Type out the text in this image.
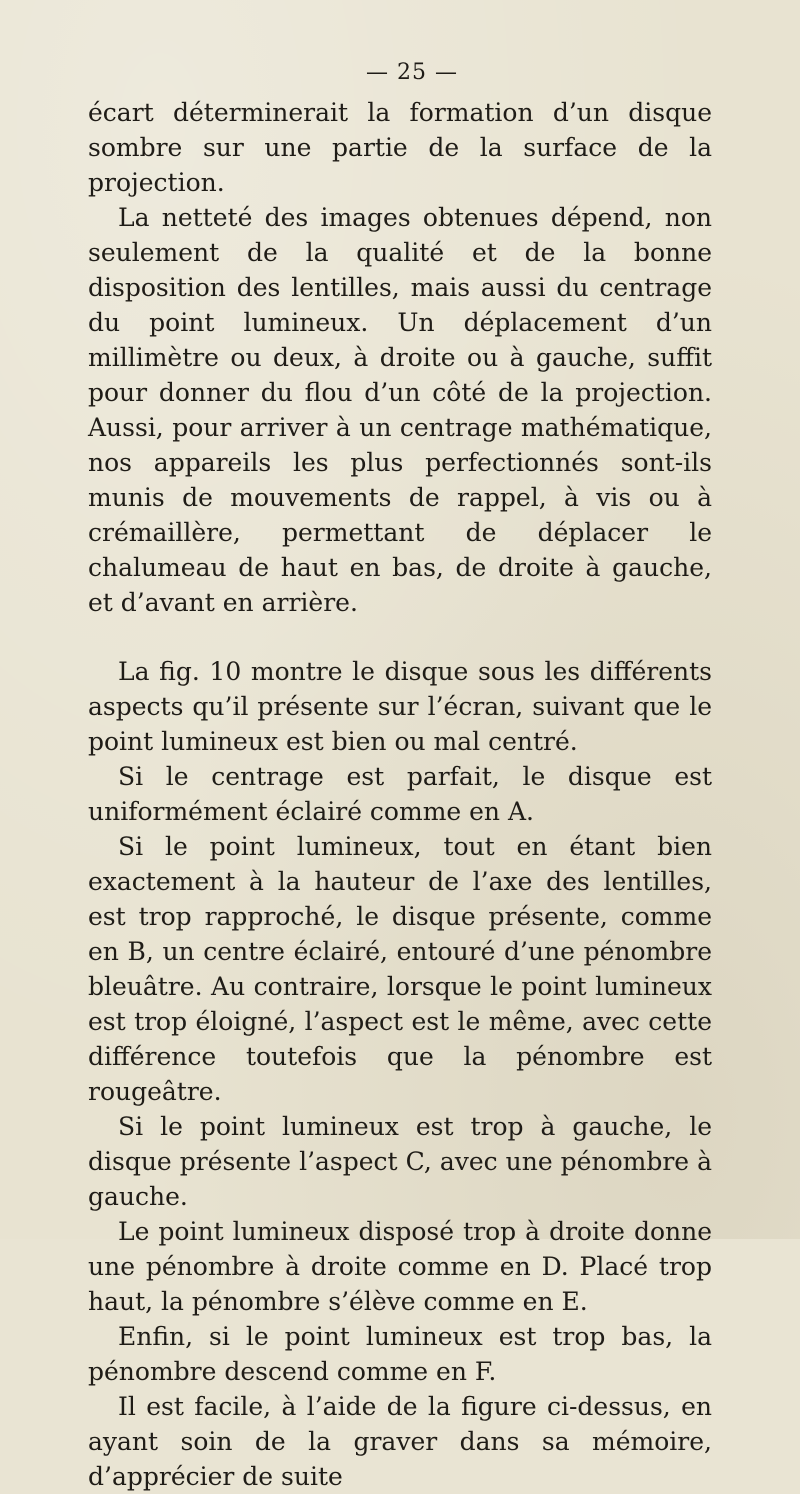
— 25 —

écart déterminerait la formation d’un disque sombre sur une partie de la surface de la projection.

La netteté des images obtenues dépend, non seulement de la qualité et de la bonne disposition des lentilles, mais aussi du centrage du point lumineux. Un déplacement d’un millimètre ou deux, à droite ou à gauche, suffit pour donner du flou d’un côté de la projection. Aussi, pour arriver à un centrage mathématique, nos appareils les plus perfectionnés sont-ils munis de mouvements de rappel, à vis ou à crémaillère, permettant de déplacer le chalumeau de haut en bas, de droite à gauche, et d’avant en arrière.

La fig. 10 montre le disque sous les différents aspects qu’il présente sur l’écran, suivant que le point lumineux est bien ou mal centré.

Si le centrage est parfait, le disque est uniformément éclairé comme en A.

Si le point lumineux, tout en étant bien exactement à la hauteur de l’axe des lentilles, est trop rapproché, le disque présente, comme en B, un centre éclairé, entouré d’une pénombre bleuâtre. Au contraire, lorsque le point lumineux est trop éloigné, l’aspect est le même, avec cette différence toutefois que la pénombre est rougeâtre.

Si le point lumineux est trop à gauche, le disque présente l’aspect C, avec une pénombre à gauche.

Le point lumineux disposé trop à droite donne une pénombre à droite comme en D. Placé trop haut, la pénombre s’élève comme en E.

Enfin, si le point lumineux est trop bas, la pénombre descend comme en F.

Il est facile, à l’aide de la figure ci-dessus, en ayant soin de la graver dans sa mémoire, d’apprécier de suite
